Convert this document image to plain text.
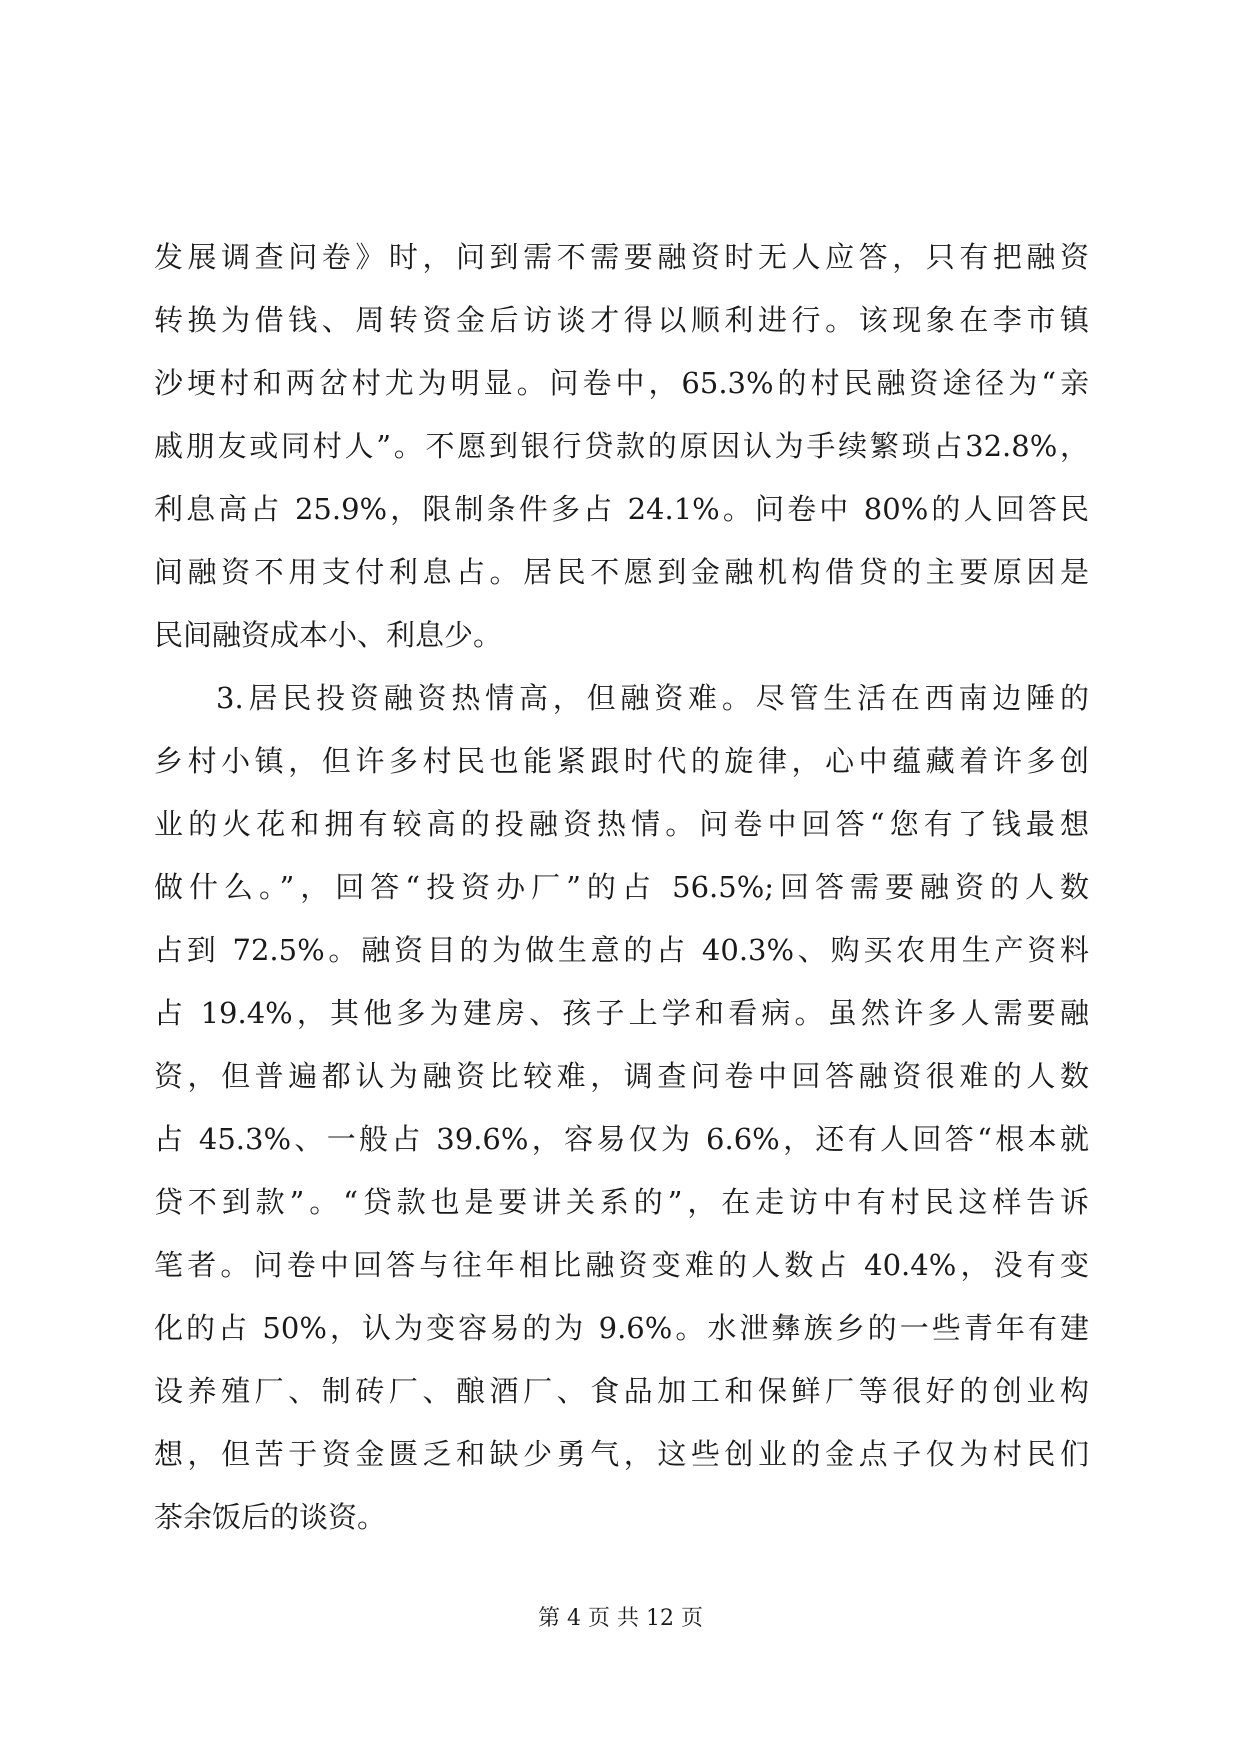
发展调查问卷》时，问到需不需要融资时无人应答，只有把融资
转换为借钱、周转资金后访谈才得以顺利进行。该现象在李市镇
沙埂村和两岔村尤为明显。问卷中，65.3%的村民融资途径为“亲
戚朋友或同村人”。不愿到银行贷款的原因认为手续繁琐占32.8%，
利息高占 25.9%，限制条件多占 24.1%。问卷中 80%的人回答民
间融资不用支付利息占。居民不愿到金融机构借贷的主要原因是
民间融资成本小、利息少。
3.居民投资融资热情高，但融资难。尽管生活在西南边陲的
乡村小镇，但许多村民也能紧跟时代的旋律，心中蕴藏着许多创
业的火花和拥有较高的投融资热情。问卷中回答“您有了钱最想
做什么。”，回答“投资办厂”的占 56.5%;回答需要融资的人数
占到 72.5%。融资目的为做生意的占 40.3%、购买农用生产资料
占 19.4%，其他多为建房、孩子上学和看病。虽然许多人需要融
资，但普遍都认为融资比较难，调查问卷中回答融资很难的人数
占 45.3%、一般占 39.6%，容易仅为 6.6%，还有人回答“根本就
贷不到款”。“贷款也是要讲关系的”，在走访中有村民这样告诉
笔者。问卷中回答与往年相比融资变难的人数占 40.4%，没有变
化的占 50%，认为变容易的为 9.6%。水泄彝族乡的一些青年有建
设养殖厂、制砖厂、酿酒厂、食品加工和保鲜厂等很好的创业构
想，但苦于资金匮乏和缺少勇气，这些创业的金点子仅为村民们
茶余饭后的谈资。
第 4 页 共 12 页
